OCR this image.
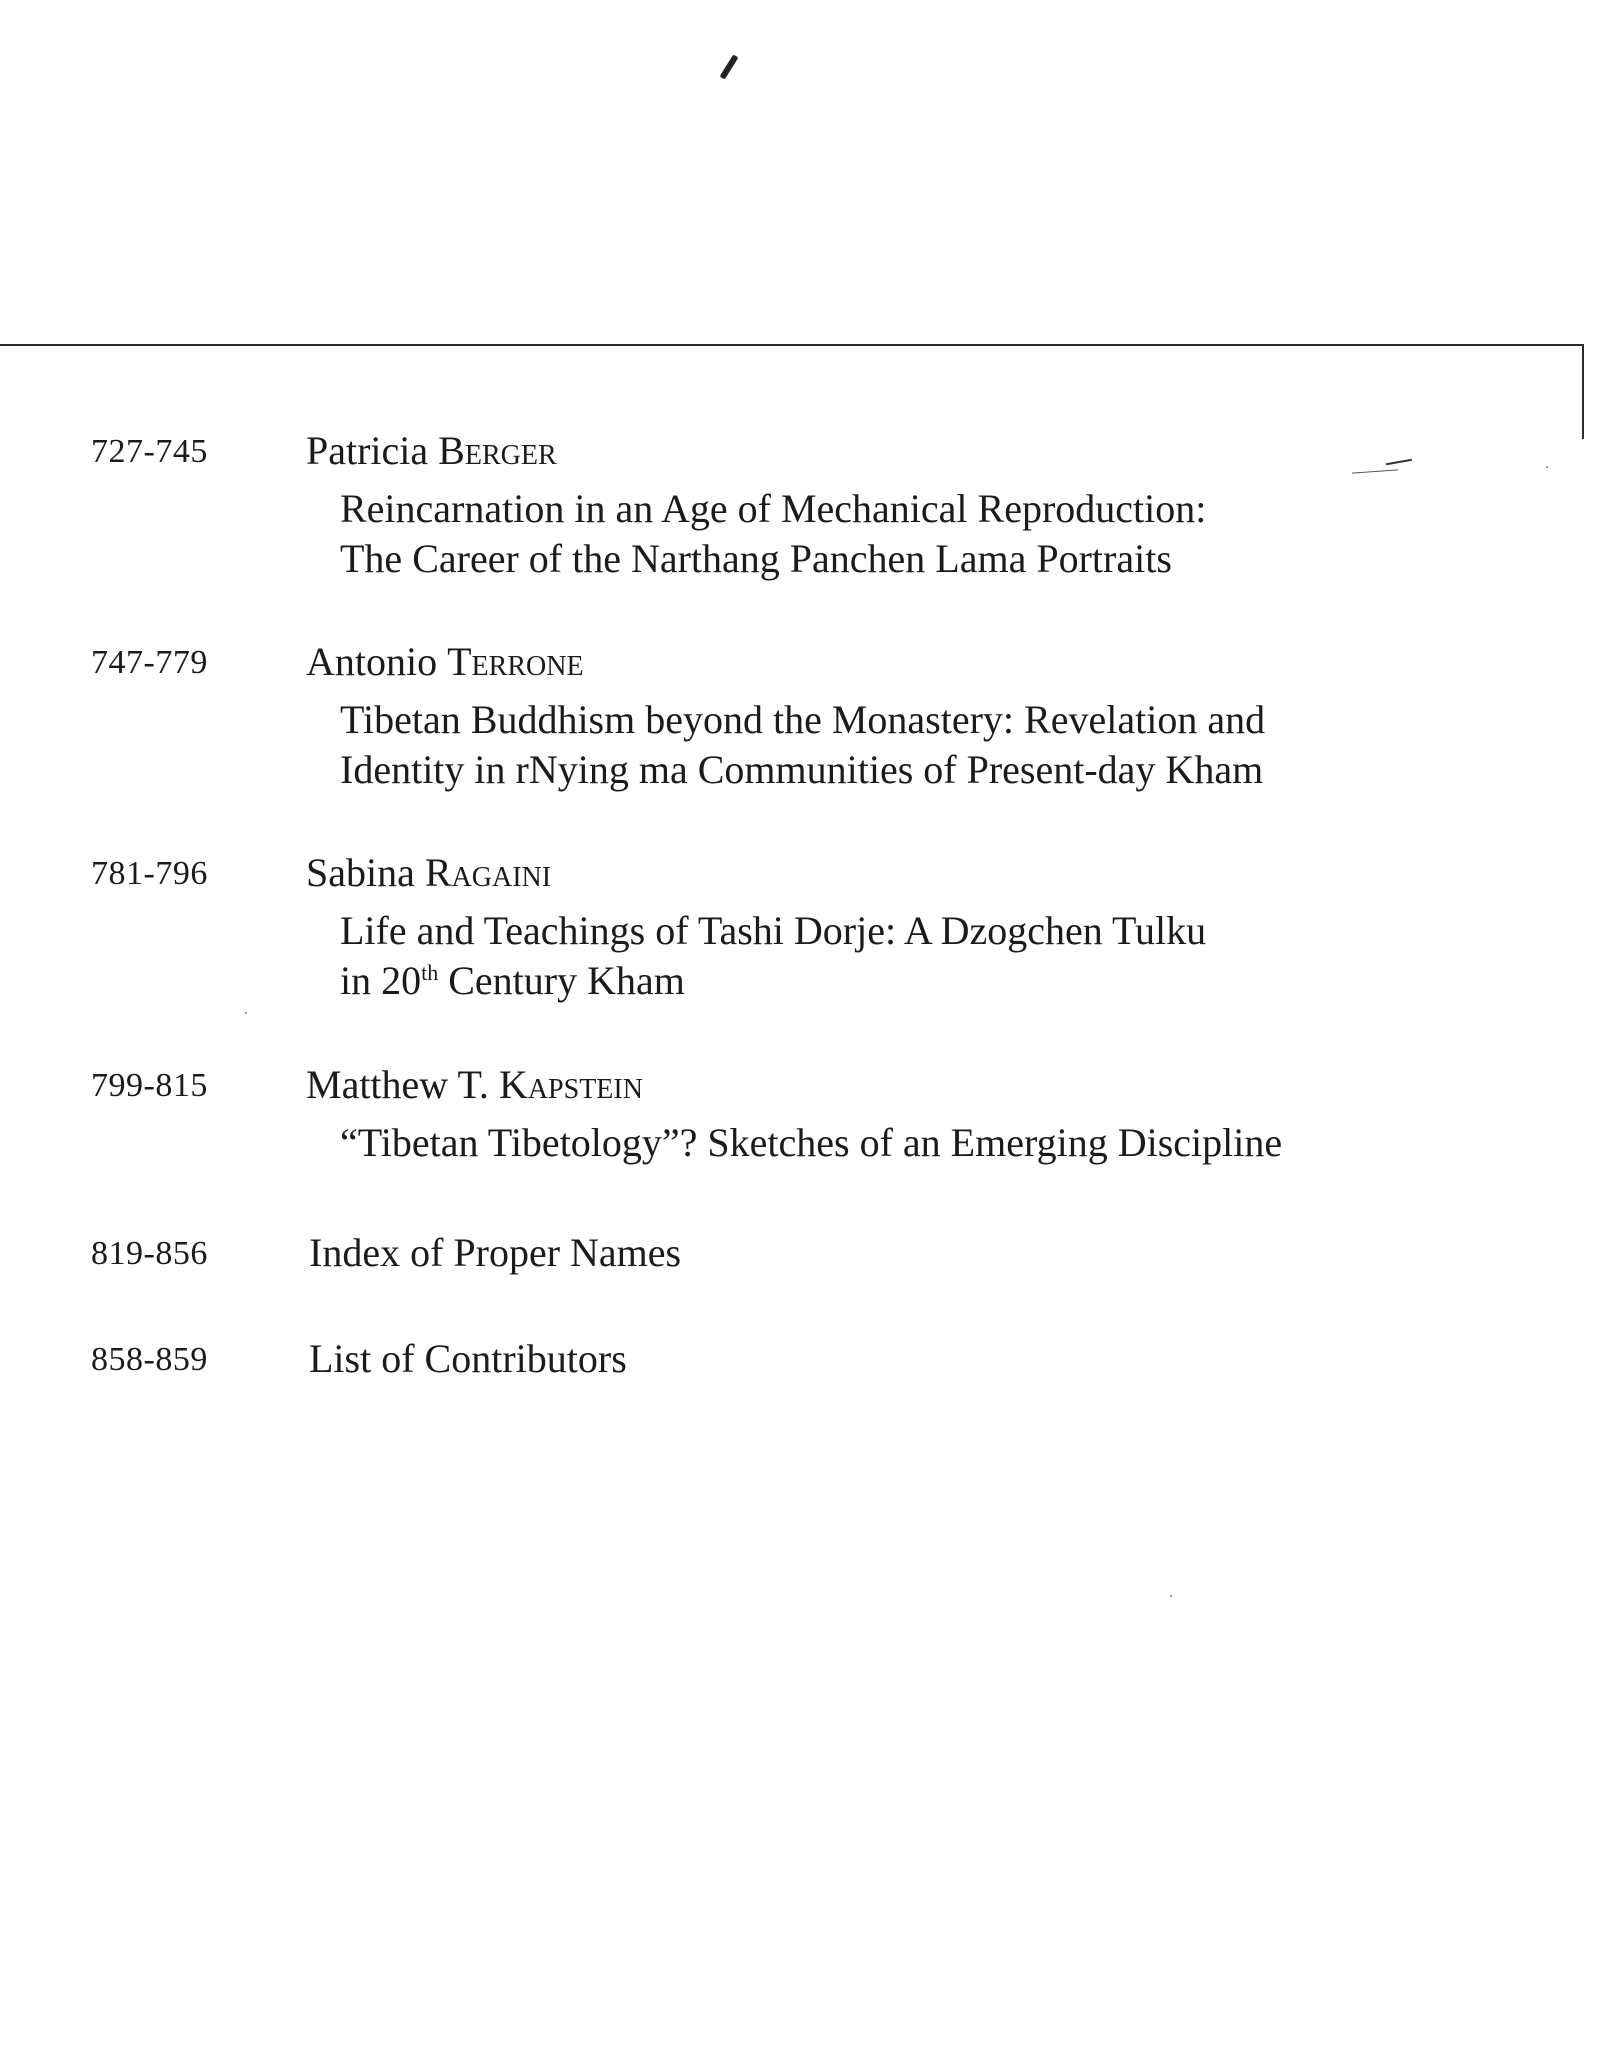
727-745 Patricia Berger
Reincarnation in an Age of Mechanical Reproduction:
The Career of the Narthang Panchen Lama Portraits
747-779 Antonio Terrone
Tibetan Buddhism beyond the Monastery: Revelation and
Identity in rNying ma Communities of Present-day Kham
781-796 Sabina Ragaini
Life and Teachings of Tashi Dorje: A Dzogchen Tulku
in 20th Century Kham
799-815 Matthew T. Kapstein
“Tibetan Tibetology”? Sketches of an Emerging Discipline
819-856	Index of Proper Names
858-859	List of Contributors
